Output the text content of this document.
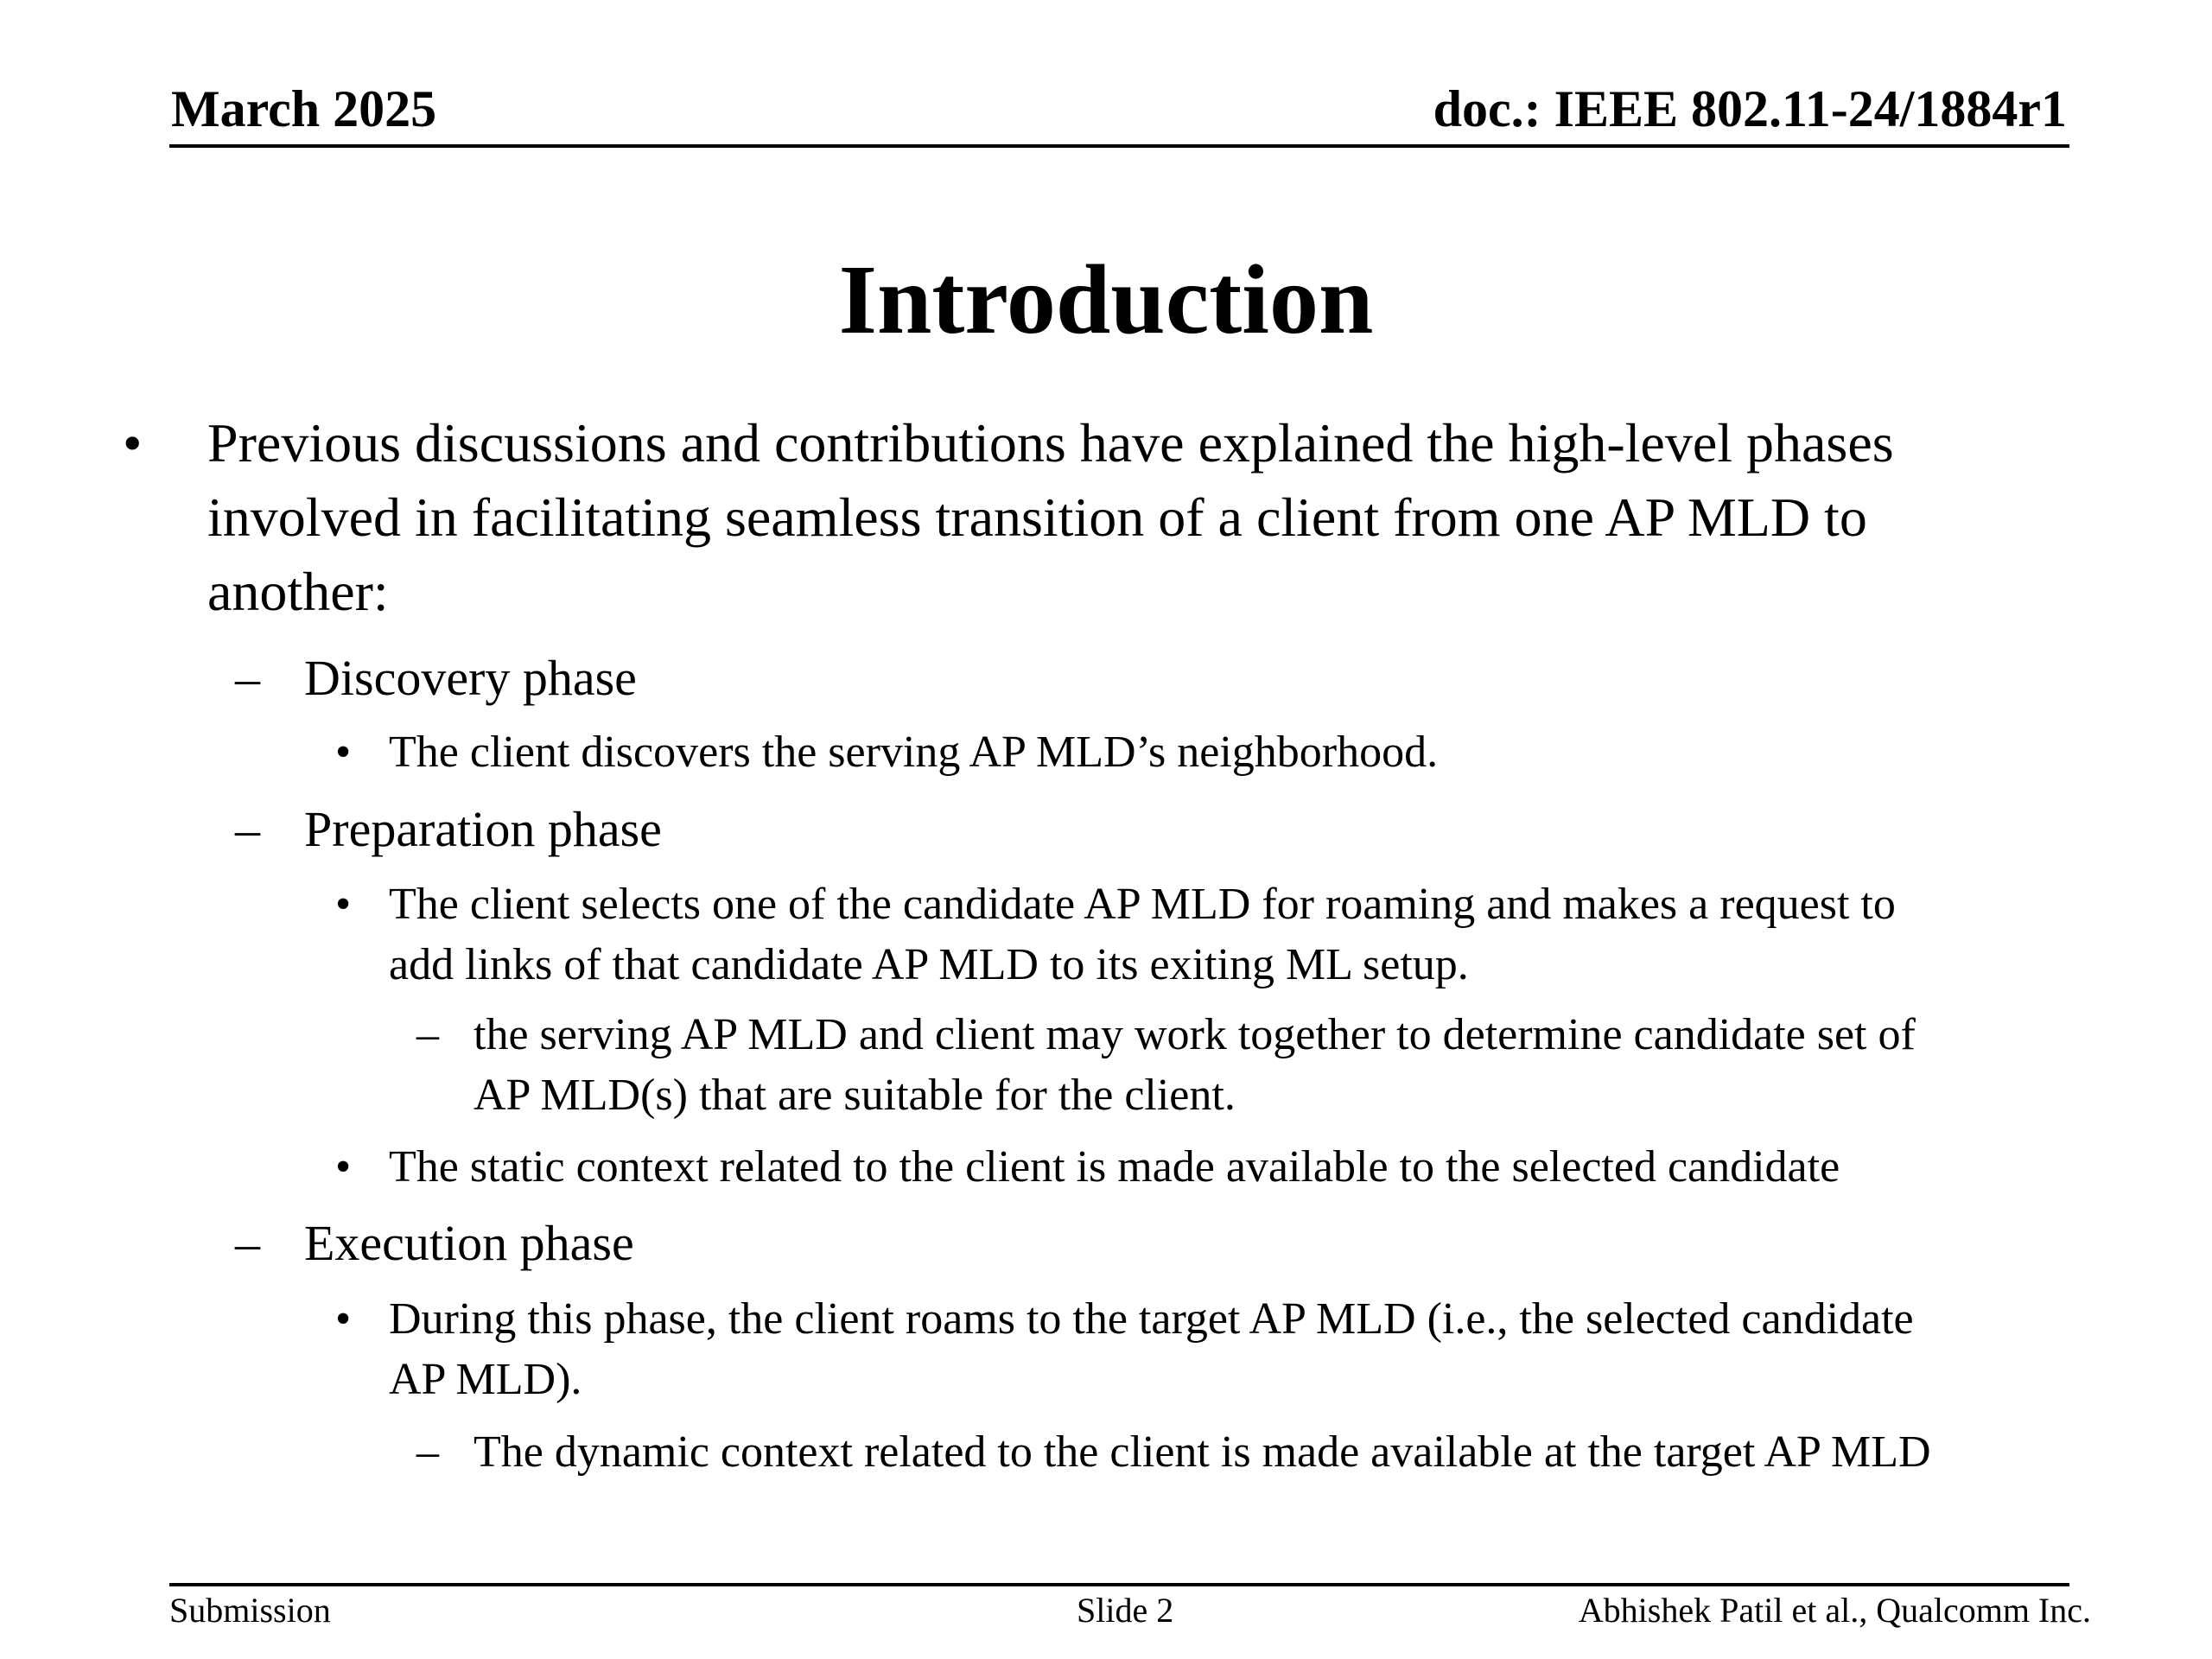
March 2025	doc.: IEEE 802.11-24/1884r1
Introduction
• Previous discussions and contributions have explained the high-level phases
involved in facilitating seamless transition of a client from one AP MLD to
another:
– Discovery phase
• The client discovers the serving AP MLD’s neighborhood.
– Preparation phase
• The client selects one of the candidate AP MLD for roaming and makes a request to
add links of that candidate AP MLD to its exiting ML setup.
– the serving AP MLD and client may work together to determine candidate set of
AP MLD(s) that are suitable for the client.
• The static context related to the client is made available to the selected candidate
– Execution phase
• During this phase, the client roams to the target AP MLD (i.e., the selected candidate
AP MLD).
– The dynamic context related to the client is made available at the target AP MLD
Submission	Slide 2	Abhishek Patil et al., Qualcomm Inc.
